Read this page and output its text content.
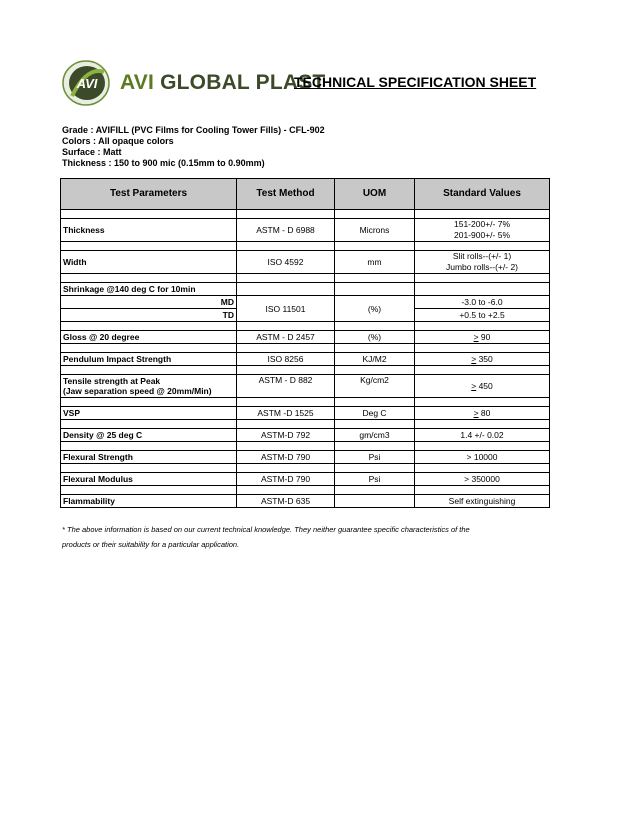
AVI AVI GLOBAL PLAST
TECHNICAL SPECIFICATION SHEET
Grade : AVIFILL (PVC Films for Cooling Tower Fills) - CFL-902
Colors : All opaque colors
Surface : Matt
Thickness : 150 to 900 mic (0.15mm to 0.90mm)
Test Parameters	Test Method	UOM	Standard Values

Thickness	ASTM - D 6988	Microns	151-200+/- 7%
201-900+/- 5%

Width	ISO 4592	mm	Slit rolls--(+/- 1)
Jumbo rolls--(+/- 2)

Shrinkage @140 deg C for 10min			
MD	ISO 11501	(%)	-3.0 to -6.0
TD			+0.5 to +2.5

Gloss @ 20 degree	ASTM - D 2457	(%)	> 90

Pendulum Impact Strength	ISO 8256	KJ/M2	> 350

Tensile strength at Peak
(Jaw separation speed @ 20mm/Min)	ASTM - D 882	Kg/cm2	> 450

VSP	ASTM -D 1525	Deg C	> 80

Density @ 25 deg C	ASTM-D 792	gm/cm3	1.4 +/- 0.02

Flexural Strength	ASTM-D 790	Psi	> 10000

Flexural Modulus	ASTM-D 790	Psi	> 350000

Flammability	ASTM-D 635		Self extinguishing
* The above information is based on our current technical knowledge. They neither guarantee specific characteristics of the
products or their suitability for a particular application.
